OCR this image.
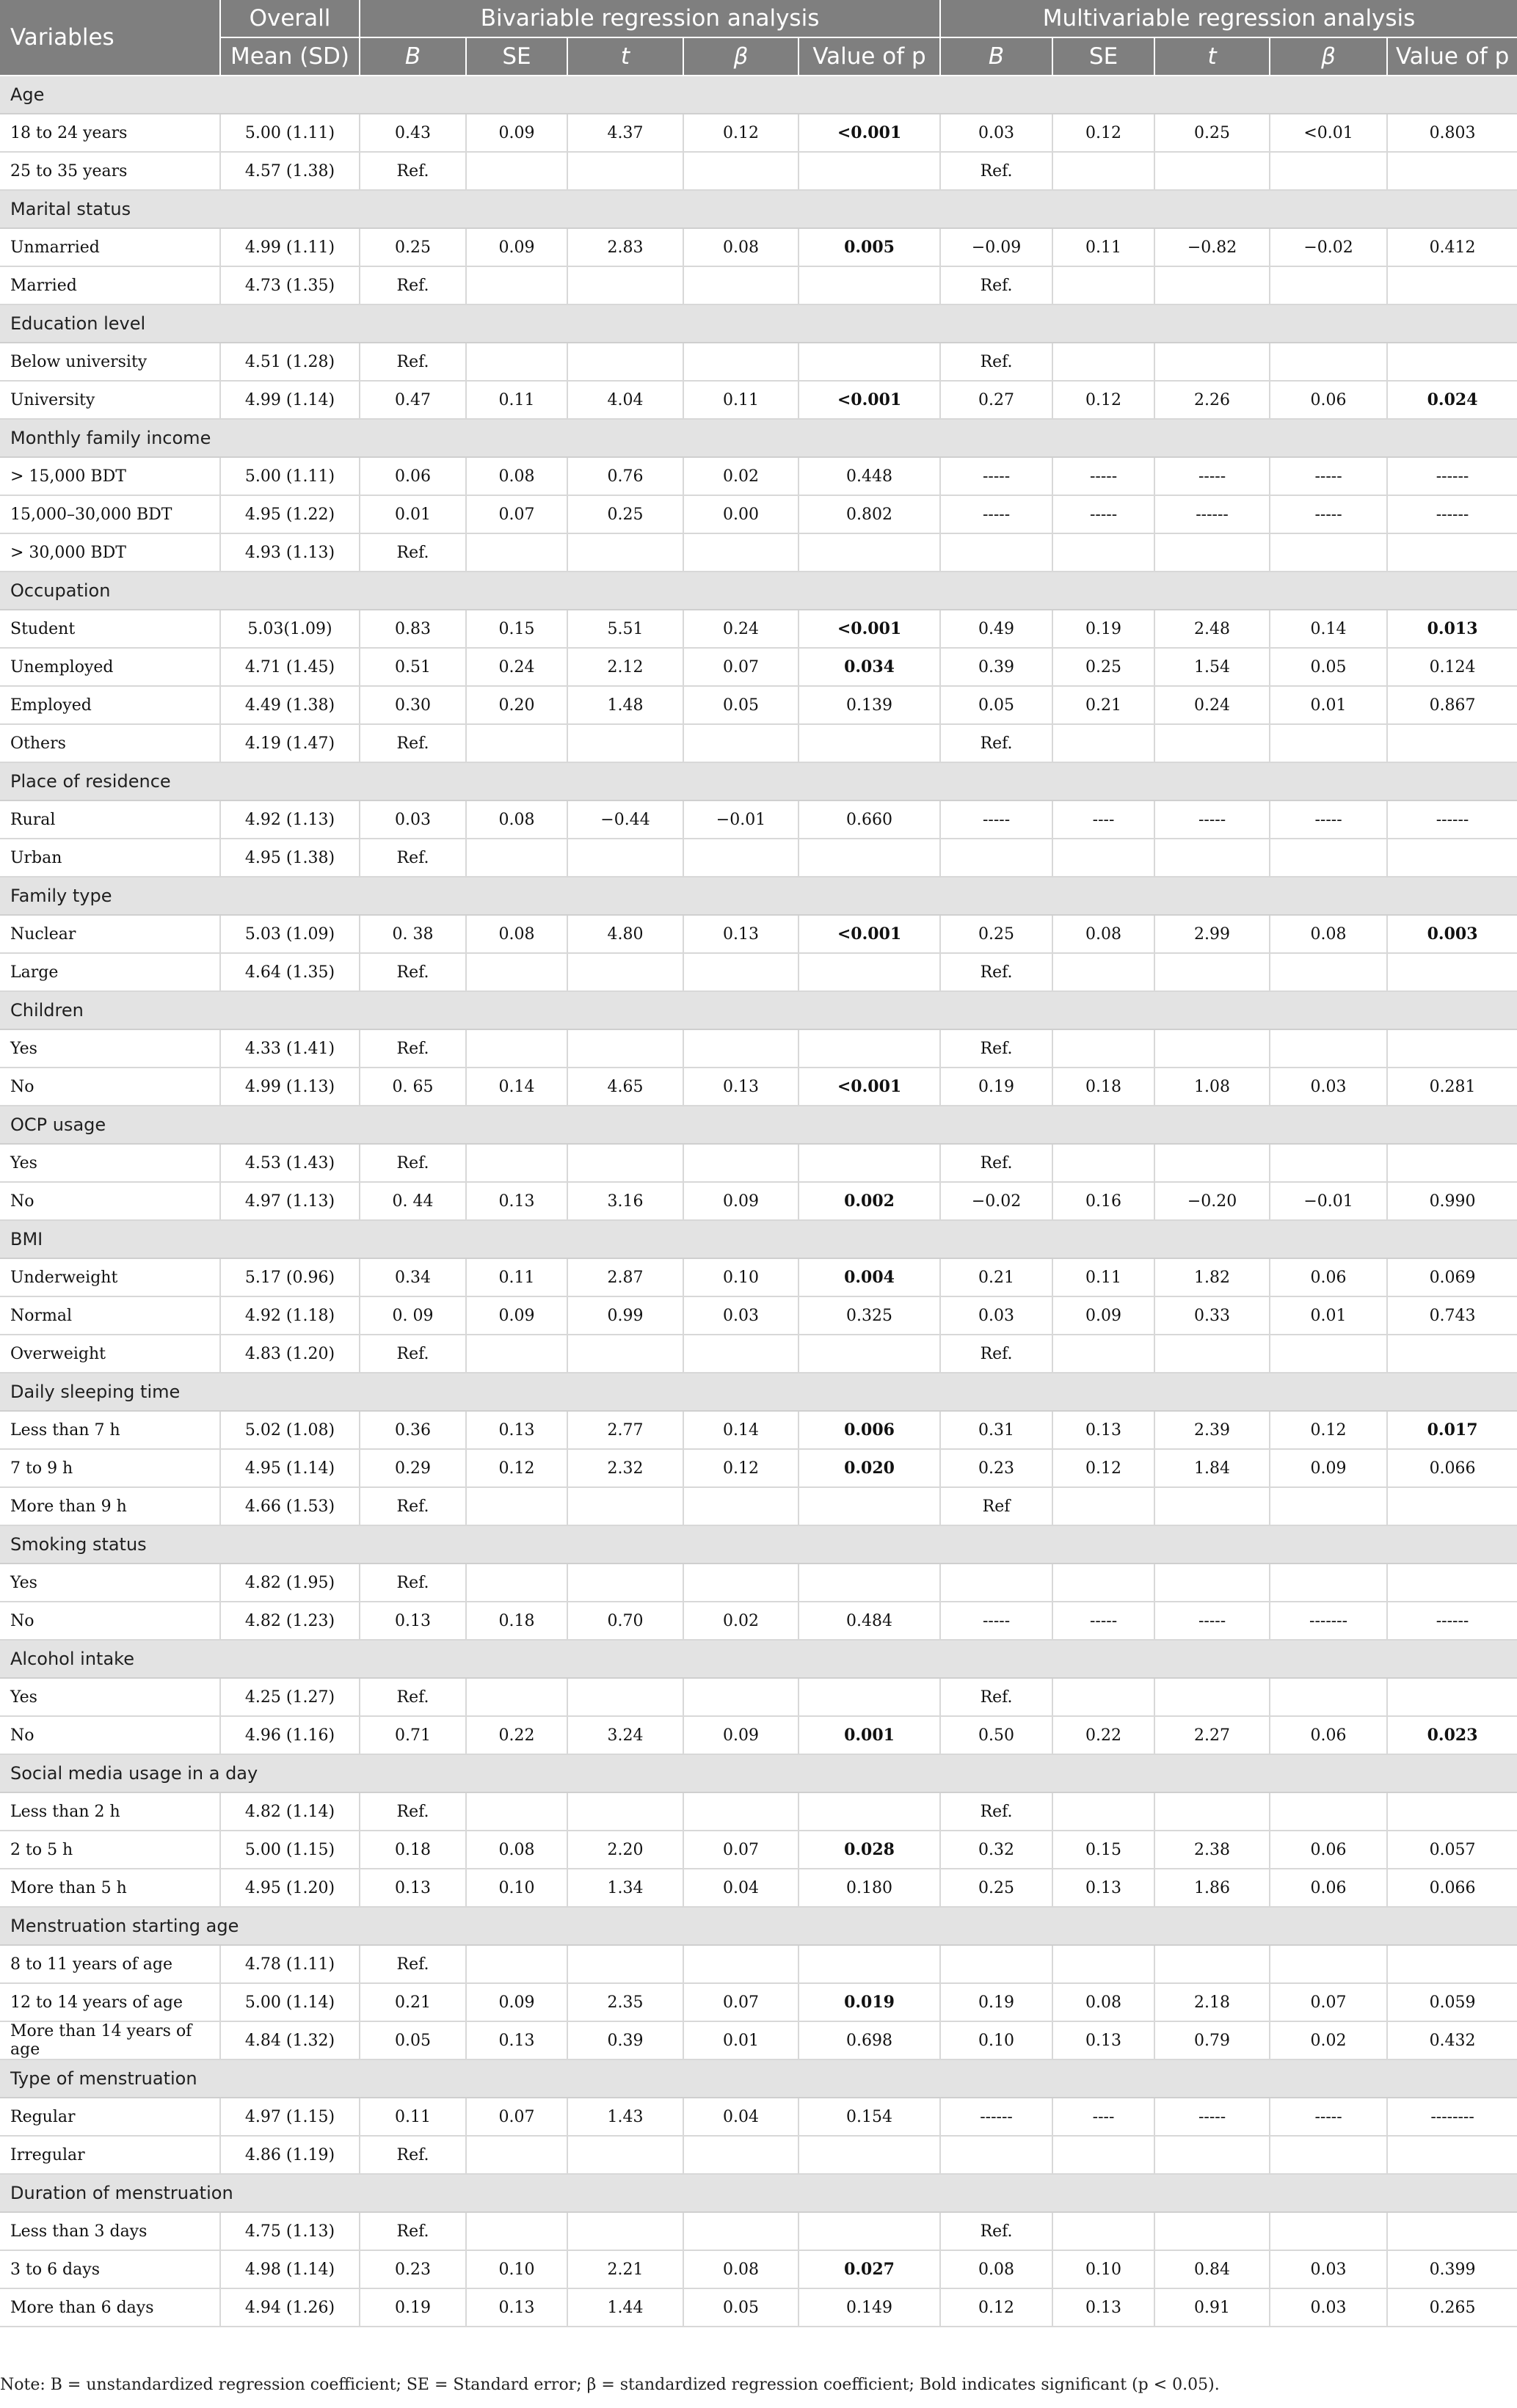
Variables	Overall	Bivariable regression analysis					Multivariable regression analysis				
	Mean (SD)	B	SE	t	β	Value of p	B	SE	t	β	Value of p
Age											
18 to 24 years	5.00 (1.11)	0.43	0.09	4.37	0.12	<0.001	0.03	0.12	0.25	<0.01	0.803
25 to 35 years	4.57 (1.38)	Ref.					Ref.				
Marital status											
Unmarried	4.99 (1.11)	0.25	0.09	2.83	0.08	0.005	−0.09	0.11	−0.82	−0.02	0.412
Married	4.73 (1.35)	Ref.					Ref.				
Education level											
Below university	4.51 (1.28)	Ref.					Ref.				
University	4.99 (1.14)	0.47	0.11	4.04	0.11	<0.001	0.27	0.12	2.26	0.06	0.024
Monthly family income											
> 15,000 BDT	5.00 (1.11)	0.06	0.08	0.76	0.02	0.448	-----	-----	-----	-----	------
15,000–30,000 BDT	4.95 (1.22)	0.01	0.07	0.25	0.00	0.802	-----	-----	------	-----	------
> 30,000 BDT	4.93 (1.13)	Ref.									
Occupation											
Student	5.03(1.09)	0.83	0.15	5.51	0.24	<0.001	0.49	0.19	2.48	0.14	0.013
Unemployed	4.71 (1.45)	0.51	0.24	2.12	0.07	0.034	0.39	0.25	1.54	0.05	0.124
Employed	4.49 (1.38)	0.30	0.20	1.48	0.05	0.139	0.05	0.21	0.24	0.01	0.867
Others	4.19 (1.47)	Ref.					Ref.				
Place of residence											
Rural	4.92 (1.13)	0.03	0.08	−0.44	−0.01	0.660	-----	----	-----	-----	------
Urban	4.95 (1.38)	Ref.									
Family type											
Nuclear	5.03 (1.09)	0. 38	0.08	4.80	0.13	<0.001	0.25	0.08	2.99	0.08	0.003
Large	4.64 (1.35)	Ref.					Ref.				
Children											
Yes	4.33 (1.41)	Ref.					Ref.				
No	4.99 (1.13)	0. 65	0.14	4.65	0.13	<0.001	0.19	0.18	1.08	0.03	0.281
OCP usage											
Yes	4.53 (1.43)	Ref.					Ref.				
No	4.97 (1.13)	0. 44	0.13	3.16	0.09	0.002	−0.02	0.16	−0.20	−0.01	0.990
BMI											
Underweight	5.17 (0.96)	0.34	0.11	2.87	0.10	0.004	0.21	0.11	1.82	0.06	0.069
Normal	4.92 (1.18)	0. 09	0.09	0.99	0.03	0.325	0.03	0.09	0.33	0.01	0.743
Overweight	4.83 (1.20)	Ref.					Ref.				
Daily sleeping time											
Less than 7 h	5.02 (1.08)	0.36	0.13	2.77	0.14	0.006	0.31	0.13	2.39	0.12	0.017
7 to 9 h	4.95 (1.14)	0.29	0.12	2.32	0.12	0.020	0.23	0.12	1.84	0.09	0.066
More than 9 h	4.66 (1.53)	Ref.					Ref				
Smoking status											
Yes	4.82 (1.95)	Ref.									
No	4.82 (1.23)	0.13	0.18	0.70	0.02	0.484	-----	-----	-----	-------	------
Alcohol intake											
Yes	4.25 (1.27)	Ref.					Ref.				
No	4.96 (1.16)	0.71	0.22	3.24	0.09	0.001	0.50	0.22	2.27	0.06	0.023
Social media usage in a day											
Less than 2 h	4.82 (1.14)	Ref.					Ref.				
2 to 5 h	5.00 (1.15)	0.18	0.08	2.20	0.07	0.028	0.32	0.15	2.38	0.06	0.057
More than 5 h	4.95 (1.20)	0.13	0.10	1.34	0.04	0.180	0.25	0.13	1.86	0.06	0.066
Menstruation starting age											
8 to 11 years of age	4.78 (1.11)	Ref.									
12 to 14 years of age	5.00 (1.14)	0.21	0.09	2.35	0.07	0.019	0.19	0.08	2.18	0.07	0.059
More than 14 years of age	4.84 (1.32)	0.05	0.13	0.39	0.01	0.698	0.10	0.13	0.79	0.02	0.432
Type of menstruation											
Regular	4.97 (1.15)	0.11	0.07	1.43	0.04	0.154	------	----	-----	-----	--------
Irregular	4.86 (1.19)	Ref.									
Duration of menstruation											
Less than 3 days	4.75 (1.13)	Ref.					Ref.				
3 to 6 days	4.98 (1.14)	0.23	0.10	2.21	0.08	0.027	0.08	0.10	0.84	0.03	0.399
More than 6 days	4.94 (1.26)	0.19	0.13	1.44	0.05	0.149	0.12	0.13	0.91	0.03	0.265
Note: B = unstandardized regression coefficient; SE = Standard error; β = standardized regression coefficient; Bold indicates significant (p < 0.05).
